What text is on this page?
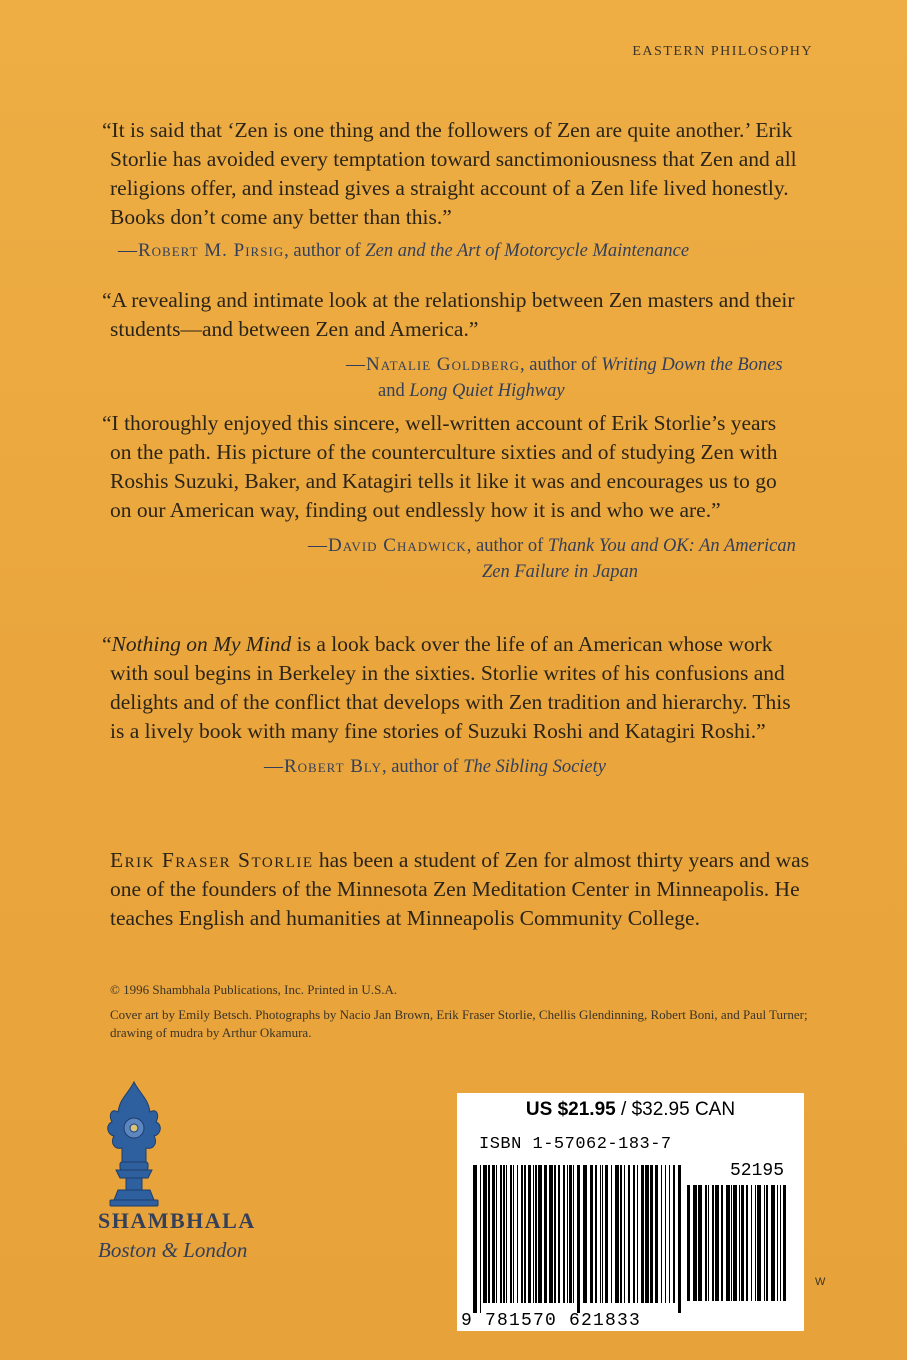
EASTERN PHILOSOPHY

“It is said that ‘Zen is one thing and the followers of Zen are quite another.’ Erik Storlie has avoided every temptation toward sanctimoniousness that Zen and all religions offer, and instead gives a straight account of a Zen life lived honestly. Books don’t come any better than this.”

—Robert M. Pirsig, author of Zen and the Art of Motorcycle Maintenance

“A revealing and intimate look at the relationship between Zen masters and their students—and between Zen and America.”

—Natalie Goldberg, author of Writing Down the Bones
and Long Quiet Highway

“I thoroughly enjoyed this sincere, well-written account of Erik Storlie’s years on the path. His picture of the counterculture sixties and of studying Zen with Roshis Suzuki, Baker, and Katagiri tells it like it was and encourages us to go on our American way, finding out endlessly how it is and who we are.”

—David Chadwick, author of Thank You and OK: An American
Zen Failure in Japan

“Nothing on My Mind is a look back over the life of an American whose work with soul begins in Berkeley in the sixties. Storlie writes of his confusions and delights and of the conflict that develops with Zen tradition and hierarchy. This is a lively book with many fine stories of Suzuki Roshi and Katagiri Roshi.”

—Robert Bly, author of The Sibling Society

Erik Fraser Storlie has been a student of Zen for almost thirty years and was one of the founders of the Minnesota Zen Meditation Center in Minneapolis. He teaches English and humanities at Minneapolis Community College.

© 1996 Shambhala Publications, Inc. Printed in U.S.A.
Cover art by Emily Betsch. Photographs by Nacio Jan Brown, Erik Fraser Storlie, Chellis Glendinning, Robert Boni, and Paul Turner; drawing of mudra by Arthur Okamura.
SHAMBHALA
Boston & London
US $21.95 / $32.95 CAN
ISBN 1-57062-183-7
52195
9 781570 621833
W
